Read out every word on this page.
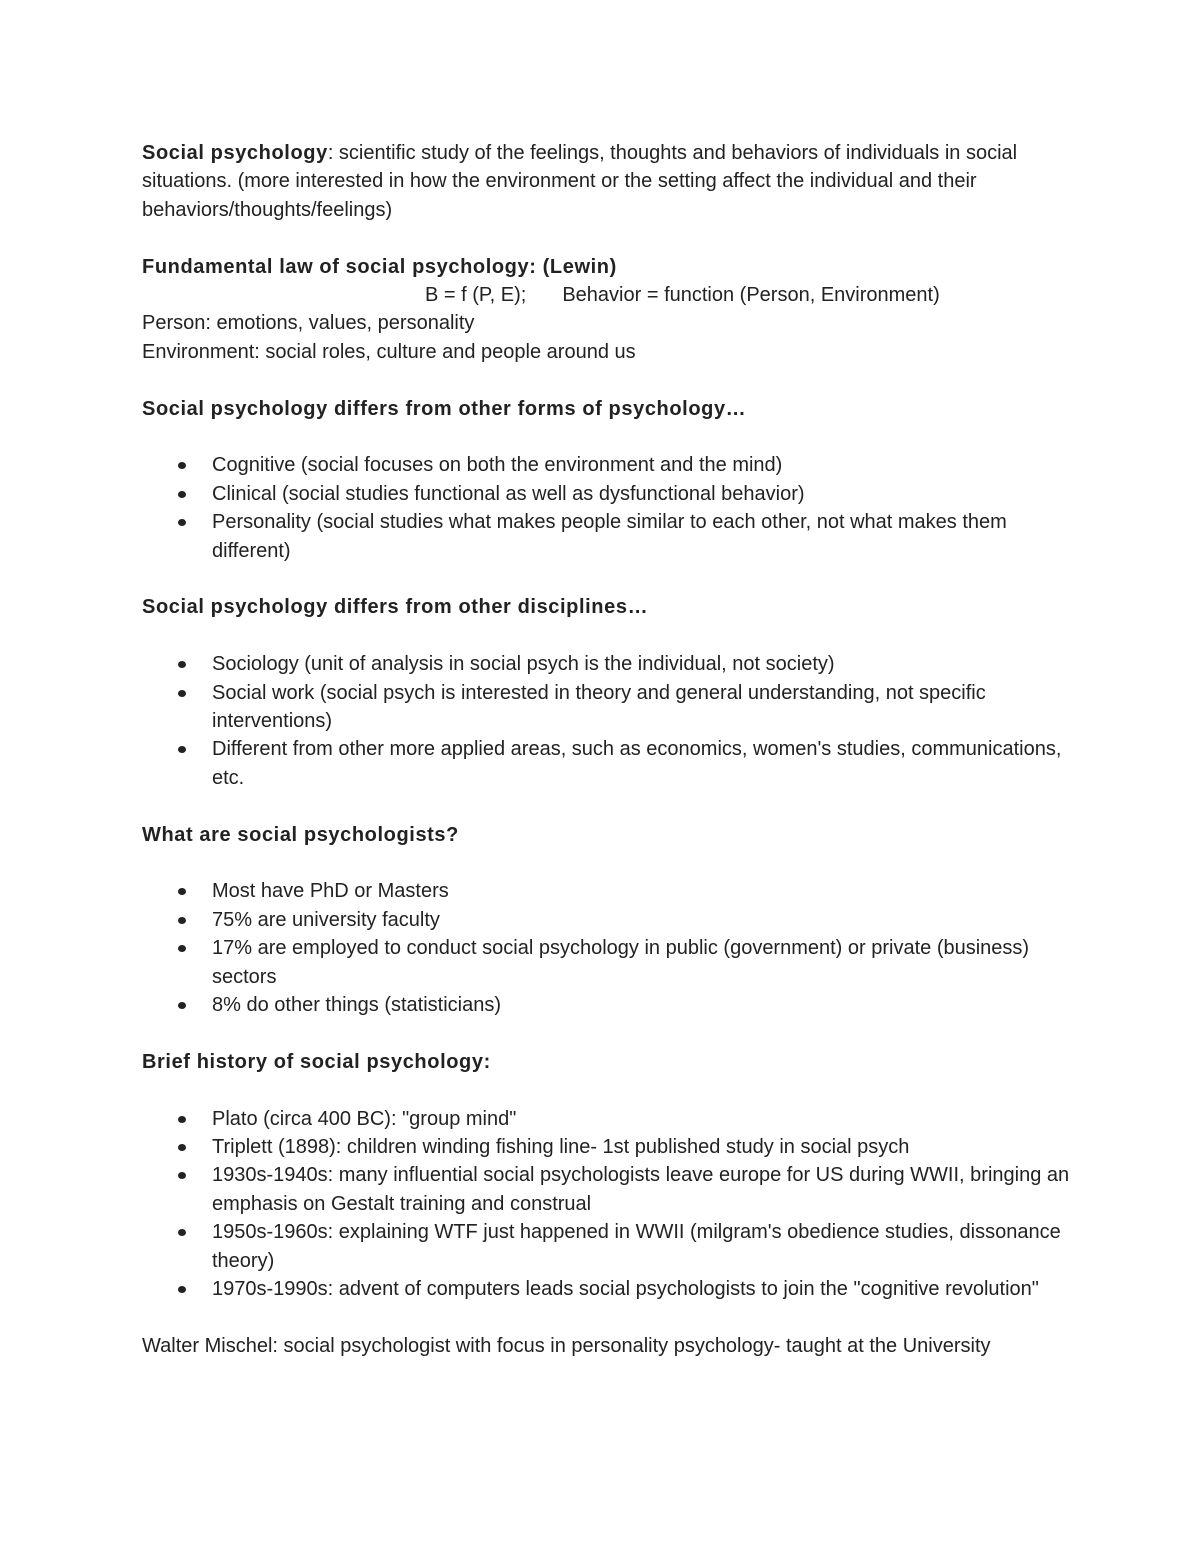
Social psychology: scientific study of the feelings, thoughts and behaviors of individuals in social situations. (more interested in how the environment or the setting affect the individual and their behaviors/thoughts/feelings)

Fundamental law of social psychology: (Lewin)

B = f (P, E); Behavior = function (Person, Environment)

Person: emotions, values, personality

Environment: social roles, culture and people around us

Social psychology differs from other forms of psychology…

Cognitive (social focuses on both the environment and the mind)
Clinical (social studies functional as well as dysfunctional behavior)
Personality (social studies what makes people similar to each other, not what makes them different)

Social psychology differs from other disciplines…

Sociology (unit of analysis in social psych is the individual, not society)
Social work (social psych is interested in theory and general understanding, not specific interventions)
Different from other more applied areas, such as economics, women's studies, communications, etc.

What are social psychologists?

Most have PhD or Masters
75% are university faculty
17% are employed to conduct social psychology in public (government) or private (business) sectors
8% do other things (statisticians)

Brief history of social psychology:

Plato (circa 400 BC): "group mind"
Triplett (1898): children winding fishing line- 1st published study in social psych
1930s-1940s: many influential social psychologists leave europe for US during WWII, bringing an emphasis on Gestalt training and construal
1950s-1960s: explaining WTF just happened in WWII (milgram's obedience studies, dissonance theory)
1970s-1990s: advent of computers leads social psychologists to join the "cognitive revolution"

Walter Mischel: social psychologist with focus in personality psychology- taught at the University
